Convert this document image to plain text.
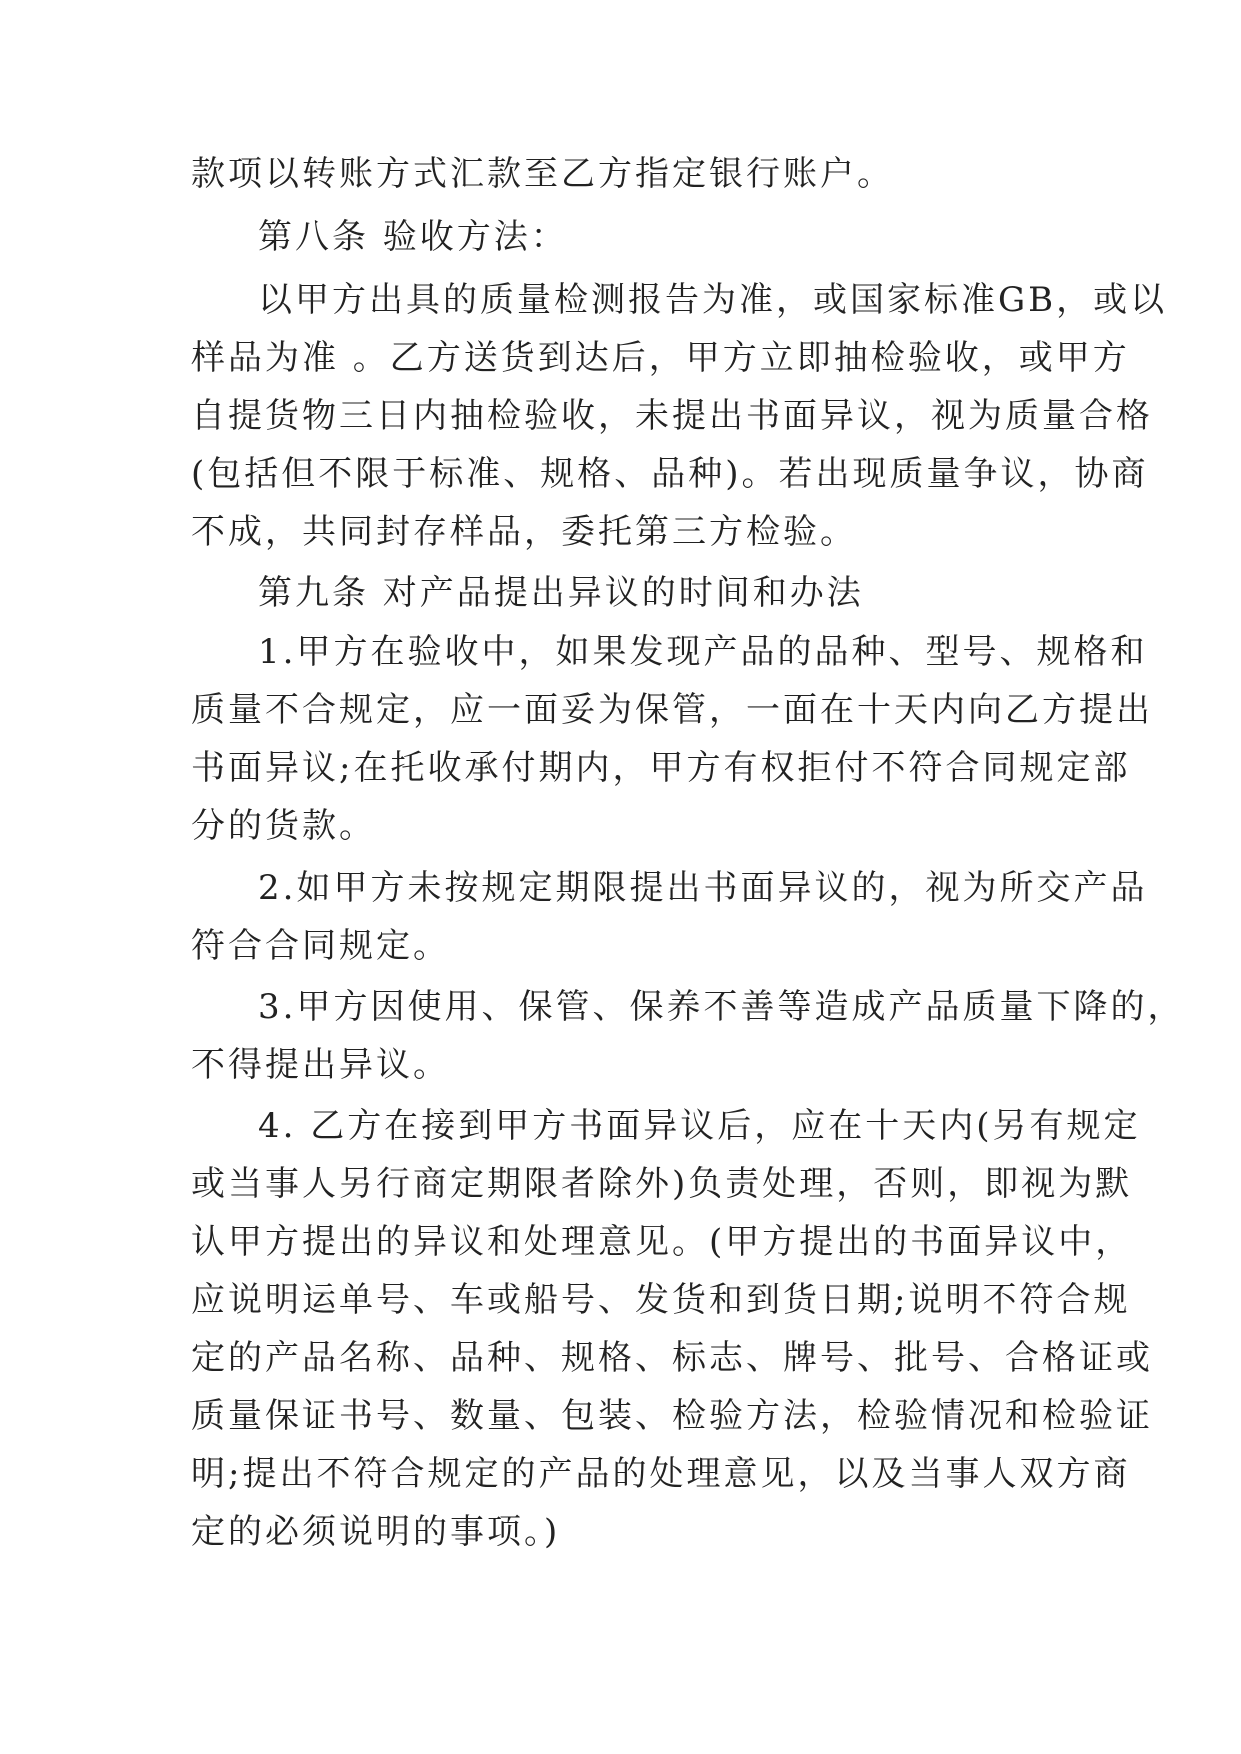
款项以转账方式汇款至乙方指定银行账户。
第八条 验收方法：
以甲方出具的质量检测报告为准，或国家标准GB，或以
样品为准 。乙方送货到达后，甲方立即抽检验收，或甲方
自提货物三日内抽检验收，未提出书面异议，视为质量合格
(包括但不限于标准、规格、品种)。若出现质量争议，协商
不成，共同封存样品，委托第三方检验。
第九条 对产品提出异议的时间和办法
1.甲方在验收中，如果发现产品的品种、型号、规格和
质量不合规定，应一面妥为保管，一面在十天内向乙方提出
书面异议;在托收承付期内，甲方有权拒付不符合同规定部
分的货款。
2.如甲方未按规定期限提出书面异议的，视为所交产品
符合合同规定。
3.甲方因使用、保管、保养不善等造成产品质量下降的，
不得提出异议。
4. 乙方在接到甲方书面异议后，应在十天内(另有规定
或当事人另行商定期限者除外)负责处理，否则，即视为默
认甲方提出的异议和处理意见。(甲方提出的书面异议中，
应说明运单号、车或船号、发货和到货日期;说明不符合规
定的产品名称、品种、规格、标志、牌号、批号、合格证或
质量保证书号、数量、包装、检验方法，检验情况和检验证
明;提出不符合规定的产品的处理意见，以及当事人双方商
定的必须说明的事项。)
